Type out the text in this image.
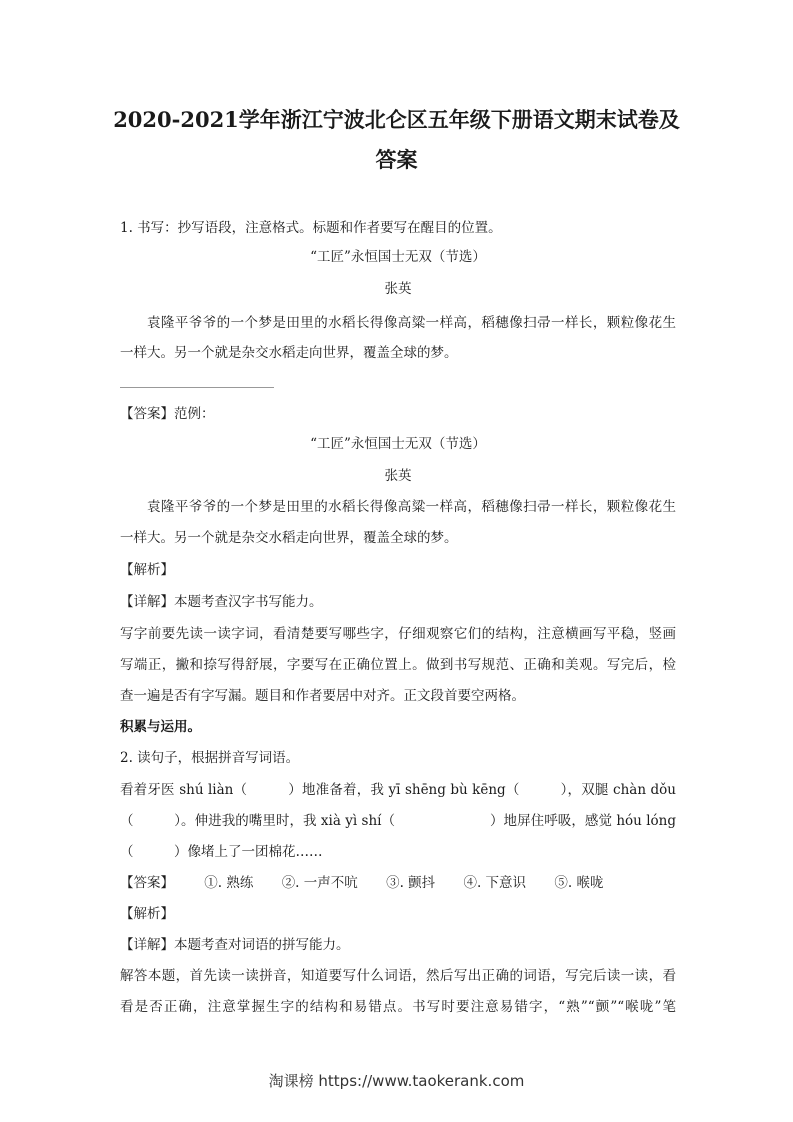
2020-2021学年浙江宁波北仑区五年级下册语文期末试卷及
答案
1. 书写：抄写语段，注意格式。标题和作者要写在醒目的位置。
“工匠”永恒国士无双（节选）
张英
袁隆平爷爷的一个梦是田里的水稻长得像高粱一样高，稻穗像扫帚一样长，颗粒像花生
一样大。另一个就是杂交水稻走向世界，覆盖全球的梦。
【答案】范例：
“工匠”永恒国士无双（节选）
张英
袁隆平爷爷的一个梦是田里的水稻长得像高粱一样高，稻穗像扫帚一样长，颗粒像花生
一样大。另一个就是杂交水稻走向世界，覆盖全球的梦。
【解析】
【详解】本题考查汉字书写能力。
写字前要先读一读字词，看清楚要写哪些字，仔细观察它们的结构，注意横画写平稳，竖画
写端正，撇和捺写得舒展，字要写在正确位置上。做到书写规范、正确和美观。写完后，检
查一遍是否有字写漏。题目和作者要居中对齐。正文段首要空两格。
积累与运用。
2. 读句子，根据拼音写词语。
看着牙医 shú liàn（　　　）地准备着，我 yī shēng bù kēng（　　　），双腿 chàn dǒu
（　　　）。伸进我的嘴里时，我 xià yì shí（　　　　　　　）地屏住呼吸，感觉 hóu lóng
（　　　）像堵上了一团棉花……
【答案】 ①. 熟练 ②. 一声不吭 ③. 颤抖 ④. 下意识 ⑤. 喉咙
【解析】
【详解】本题考查对词语的拼写能力。
解答本题，首先读一读拼音，知道要写什么词语，然后写出正确的词语，写完后读一读，看
看是否正确，注意掌握生字的结构和易错点。书写时要注意易错字，“熟”“颤”“喉咙”笔
淘课榜 https://www.taokerank.com
